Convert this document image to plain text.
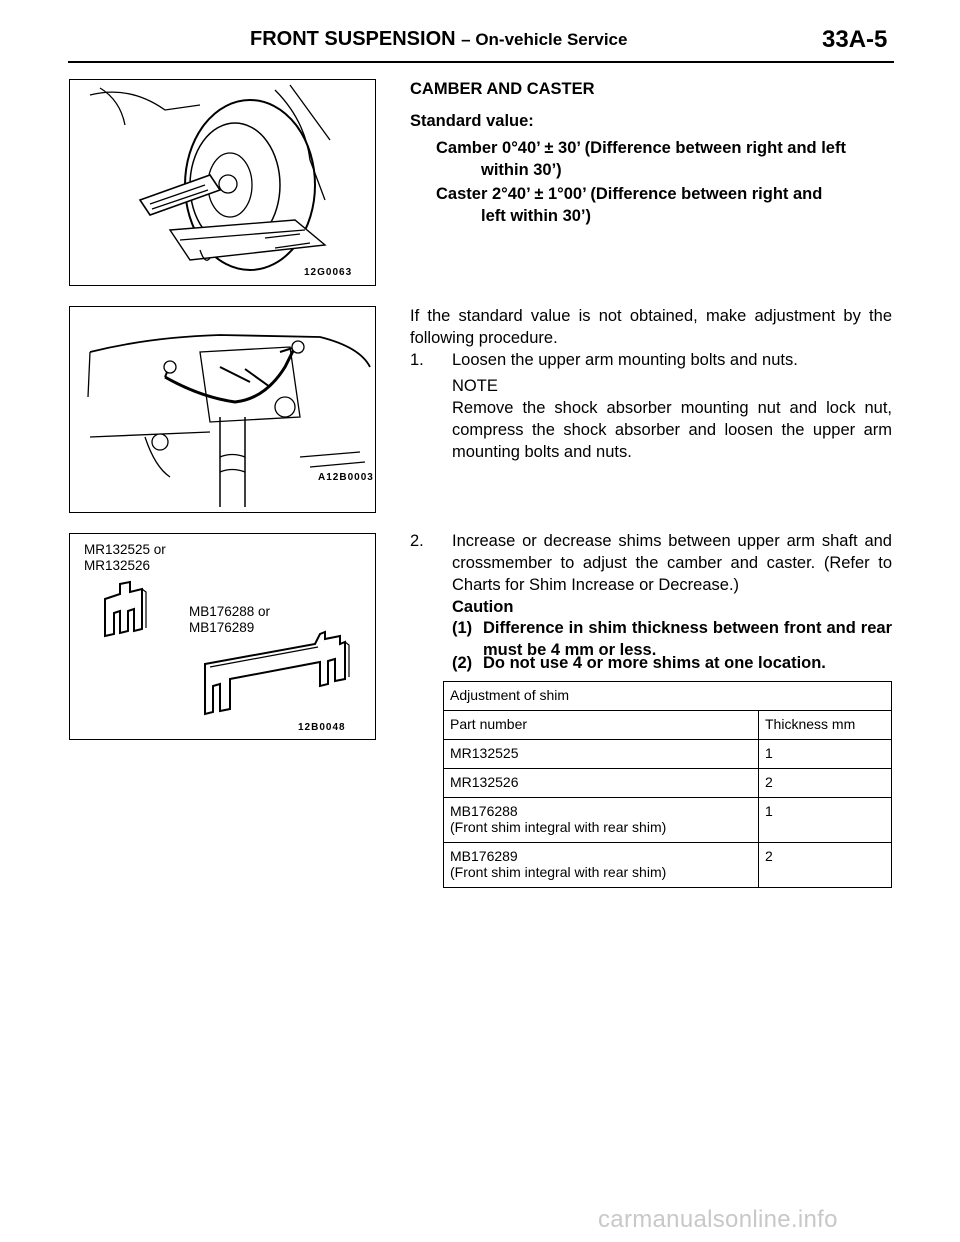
FRONT SUSPENSION – On-vehicle Service	33A-5
12G0063
A12B0003
MR132525 or
MR132526
MB176288 or
MB176289
12B0048
CAMBER AND CASTER
Standard value:
Camber 0°40’ ± 30’ (Difference between right and left
within 30’)
Caster 2°40’ ± 1°00’ (Difference between right and
left within 30’)
If the standard value is not obtained, make adjustment by the following procedure.
1. Loosen the upper arm mounting bolts and nuts.
NOTE
Remove the shock absorber mounting nut and lock nut, compress the shock absorber and loosen the upper arm mounting bolts and nuts.
2. Increase or decrease shims between upper arm shaft and crossmember to adjust the camber and caster. (Refer to Charts for Shim Increase or Decrease.)
Caution
(1) Difference in shim thickness between front and rear must be 4 mm or less.
(2) Do not use 4 or more shims at one location.
Adjustment of shim	
Part number	Thickness mm
MR132525	1
MR132526	2

MB176288
(Front shim integral with rear shim)	1

MB176289
(Front shim integral with rear shim)	2
carmanualsonline.info
